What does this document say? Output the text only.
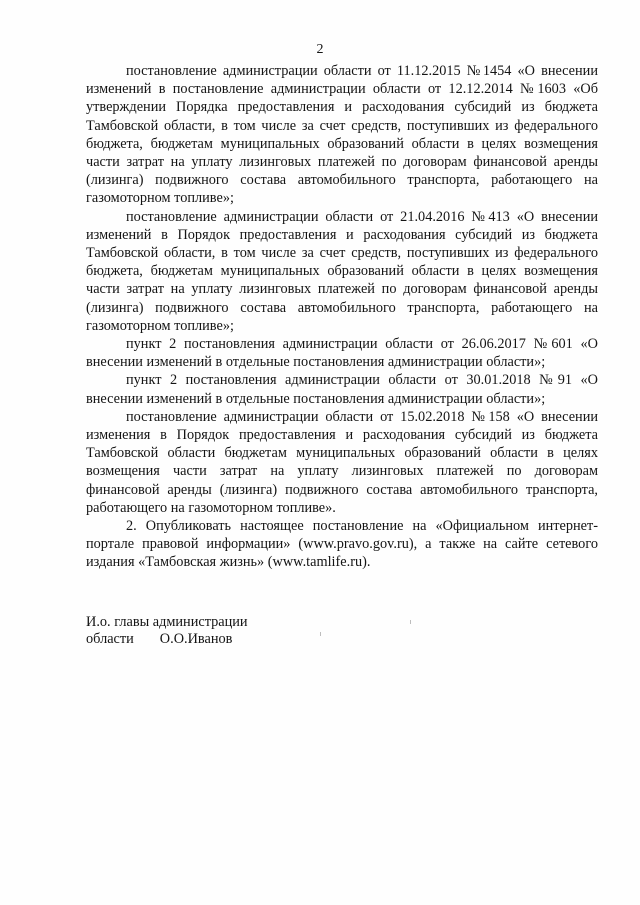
2

постановление администрации области от 11.12.2015 №1454 «О внесении изменений в постановление администрации области от 12.12.2014 №1603 «Об утверждении Порядка предоставления и расходования субсидий из бюджета Тамбовской области, в том числе за счет средств, поступивших из федерального бюджета, бюджетам муниципальных образований области в целях возмещения части затрат на уплату лизинговых платежей по договорам финансовой аренды (лизинга) подвижного состава автомобильного транспорта, работающего на газомоторном топливе»;

постановление администрации области от 21.04.2016 №413 «О внесении изменений в Порядок предоставления и расходования субсидий из бюджета Тамбовской области, в том числе за счет средств, поступивших из федерального бюджета, бюджетам муниципальных образований области в целях возмещения части затрат на уплату лизинговых платежей по договорам финансовой аренды (лизинга) подвижного состава автомобильного транспорта, работающего на газомоторном топливе»;

пункт 2 постановления администрации области от 26.06.2017 №601 «О внесении изменений в отдельные постановления администрации области»;

пункт 2 постановления администрации области от 30.01.2018 №91 «О внесении изменений в отдельные постановления администрации области»;

постановление администрации области от 15.02.2018 №158 «О внесении изменения в Порядок предоставления и расходования субсидий из бюджета Тамбовской области бюджетам муниципальных образований области в целях возмещения части затрат на уплату лизинговых платежей по договорам финансовой аренды (лизинга) подвижного состава автомобильного транспорта, работающего на газомоторном топливе».

2. Опубликовать настоящее постановление на «Официальном интернет-портале правовой информации» (www.pravo.gov.ru), а также на сайте сетевого издания «Тамбовская жизнь» (www.tamlife.ru).

И.о. главы администрации
области О.О.Иванов
